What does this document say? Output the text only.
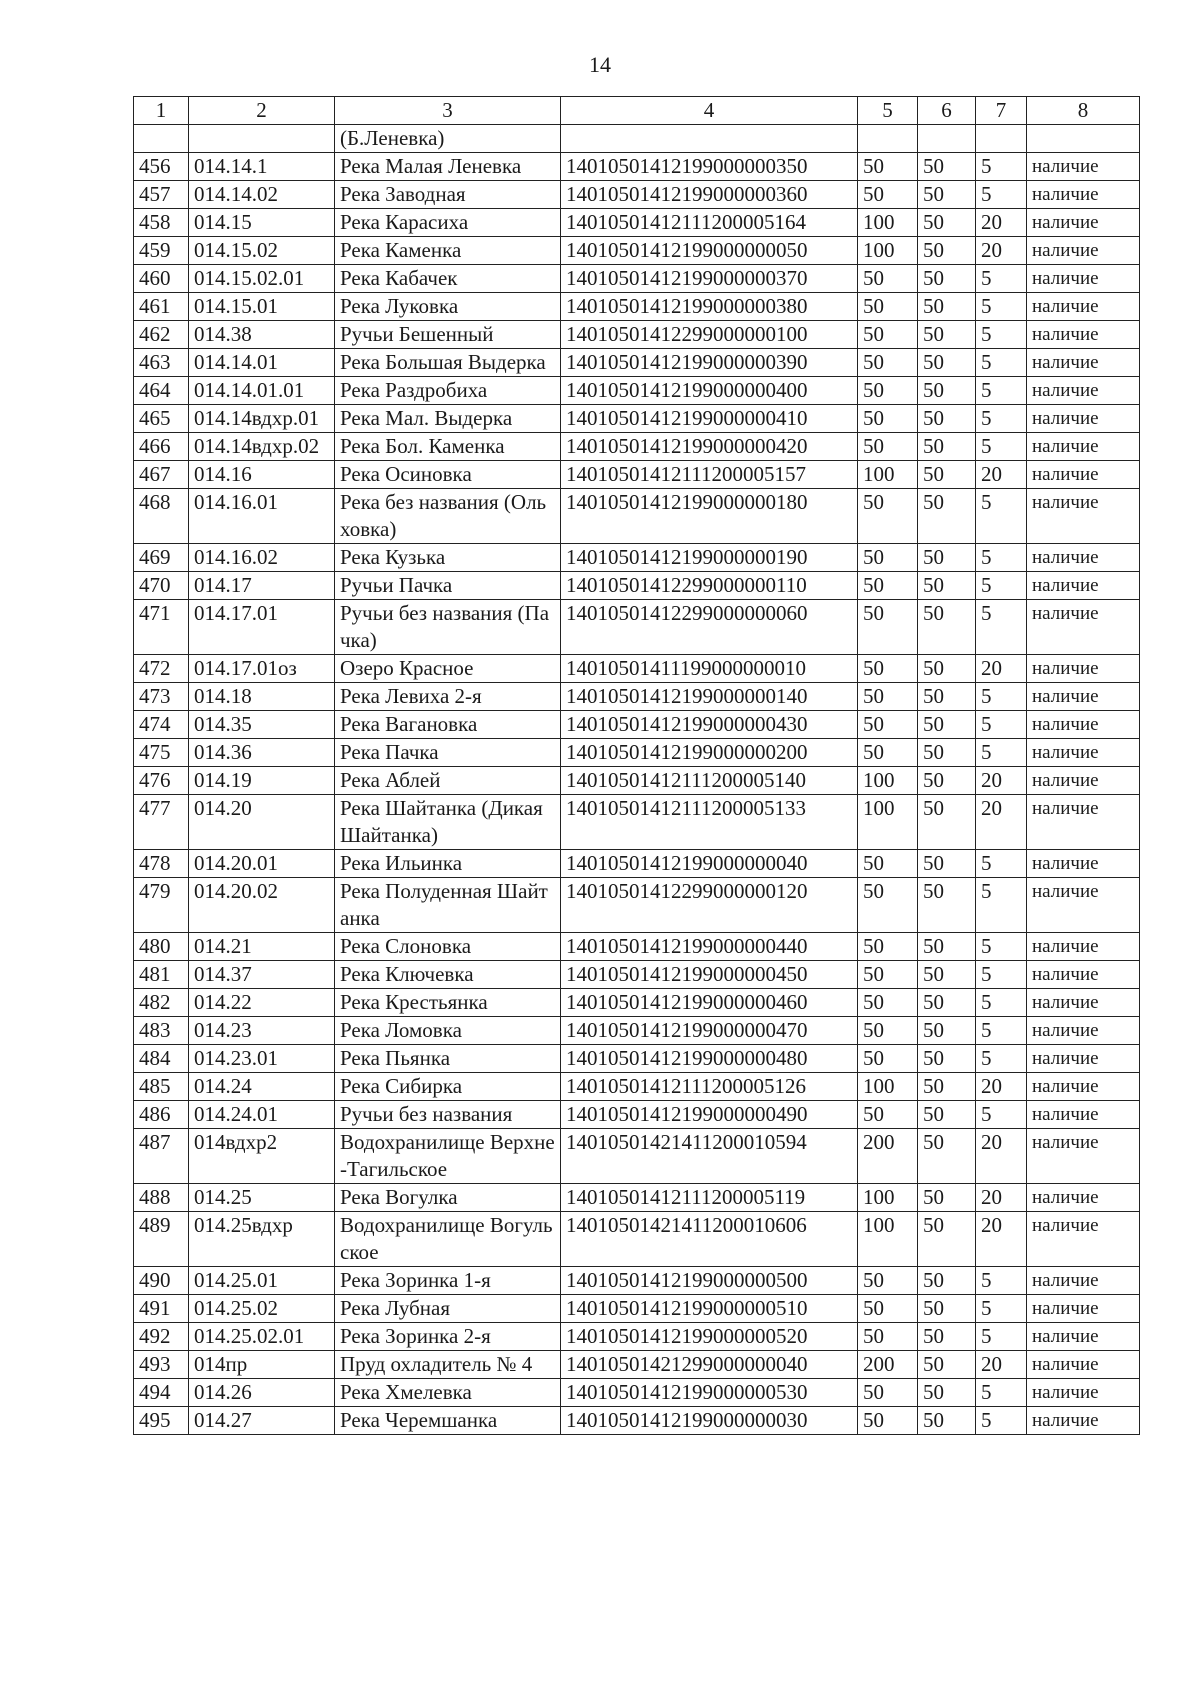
14
1	2	3	4	5	6	7	8
		(Б.Леневка)					
456	014.14.1	Река Малая Леневка	14010501412199000000350	50	50	5	наличие
457	014.14.02	Река Заводная	14010501412199000000360	50	50	5	наличие
458	014.15	Река Карасиха	14010501412111200005164	100	50	20	наличие
459	014.15.02	Река Каменка	14010501412199000000050	100	50	20	наличие
460	014.15.02.01	Река Кабачек	14010501412199000000370	50	50	5	наличие
461	014.15.01	Река Луковка	14010501412199000000380	50	50	5	наличие
462	014.38	Ручьи Бешенный	14010501412299000000100	50	50	5	наличие
463	014.14.01	Река Большая Выдерка	14010501412199000000390	50	50	5	наличие
464	014.14.01.01	Река Раздробиха	14010501412199000000400	50	50	5	наличие
465	014.14вдхр.01	Река Мал. Выдерка	14010501412199000000410	50	50	5	наличие
466	014.14вдхр.02	Река Бол. Каменка	14010501412199000000420	50	50	5	наличие
467	014.16	Река Осиновка	14010501412111200005157	100	50	20	наличие
468	014.16.01	Река без названия (Ольховка)	14010501412199000000180	50	50	5	наличие
469	014.16.02	Река Кузька	14010501412199000000190	50	50	5	наличие
470	014.17	Ручьи Пачка	14010501412299000000110	50	50	5	наличие
471	014.17.01	Ручьи без названия (Пачка)	14010501412299000000060	50	50	5	наличие
472	014.17.01оз	Озеро Красное	14010501411199000000010	50	50	20	наличие
473	014.18	Река Левиха 2-я	14010501412199000000140	50	50	5	наличие
474	014.35	Река Вагановка	14010501412199000000430	50	50	5	наличие
475	014.36	Река Пачка	14010501412199000000200	50	50	5	наличие
476	014.19	Река Аблей	14010501412111200005140	100	50	20	наличие
477	014.20	Река Шайтанка (Дикая Шайтанка)	14010501412111200005133	100	50	20	наличие
478	014.20.01	Река Ильинка	14010501412199000000040	50	50	5	наличие
479	014.20.02	Река Полуденная Шайтанка	14010501412299000000120	50	50	5	наличие
480	014.21	Река Слоновка	14010501412199000000440	50	50	5	наличие
481	014.37	Река Ключевка	14010501412199000000450	50	50	5	наличие
482	014.22	Река Крестьянка	14010501412199000000460	50	50	5	наличие
483	014.23	Река Ломовка	14010501412199000000470	50	50	5	наличие
484	014.23.01	Река Пьянка	14010501412199000000480	50	50	5	наличие
485	014.24	Река Сибирка	14010501412111200005126	100	50	20	наличие
486	014.24.01	Ручьи без названия	14010501412199000000490	50	50	5	наличие
487	014вдхр2	Водохранилище Верхне-Тагильское	14010501421411200010594	200	50	20	наличие
488	014.25	Река Вогулка	14010501412111200005119	100	50	20	наличие
489	014.25вдхр	Водохранилище Вогульское	14010501421411200010606	100	50	20	наличие
490	014.25.01	Река Зоринка 1-я	14010501412199000000500	50	50	5	наличие
491	014.25.02	Река Лубная	14010501412199000000510	50	50	5	наличие
492	014.25.02.01	Река Зоринка 2-я	14010501412199000000520	50	50	5	наличие
493	014пр	Пруд охладитель № 4	14010501421299000000040	200	50	20	наличие
494	014.26	Река Хмелевка	14010501412199000000530	50	50	5	наличие
495	014.27	Река Черемшанка	14010501412199000000030	50	50	5	наличие
